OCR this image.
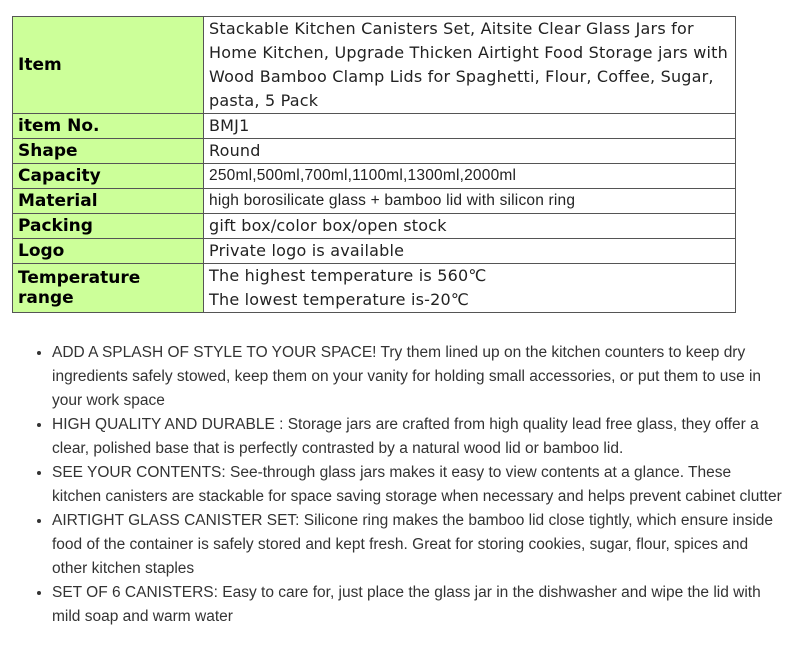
Item	Stackable Kitchen Canisters Set, Aitsite Clear Glass Jars for Home Kitchen, Upgrade Thicken Airtight Food Storage jars with Wood Bamboo Clamp Lids for Spaghetti, Flour, Coffee, Sugar, pasta, 5 Pack
item No.	BMJ1
Shape	Round
Capacity	250ml,500ml,700ml,1100ml,1300ml,2000ml
Material	high borosilicate glass + bamboo lid with silicon ring
Packing	gift box/color box/open stock
Logo	Private logo is available
Temperature range	The highest temperature is 560℃
The lowest temperature is-20℃
• ADD A SPLASH OF STYLE TO YOUR SPACE! Try them lined up on the kitchen counters to keep dry ingredients safely stowed, keep them on your vanity for holding small accessories, or put them to use in your work space
• HIGH QUALITY AND DURABLE : Storage jars are crafted from high quality lead free glass, they offer a clear, polished base that is perfectly contrasted by a natural wood lid or bamboo lid.
• SEE YOUR CONTENTS: See-through glass jars makes it easy to view contents at a glance. These kitchen canisters are stackable for space saving storage when necessary and helps prevent cabinet clutter
• AIRTIGHT GLASS CANISTER SET: Silicone ring makes the bamboo lid close tightly, which ensure inside food of the container is safely stored and kept fresh. Great for storing cookies, sugar, flour, spices and other kitchen staples
• SET OF 6 CANISTERS: Easy to care for, just place the glass jar in the dishwasher and wipe the lid with mild soap and warm water
